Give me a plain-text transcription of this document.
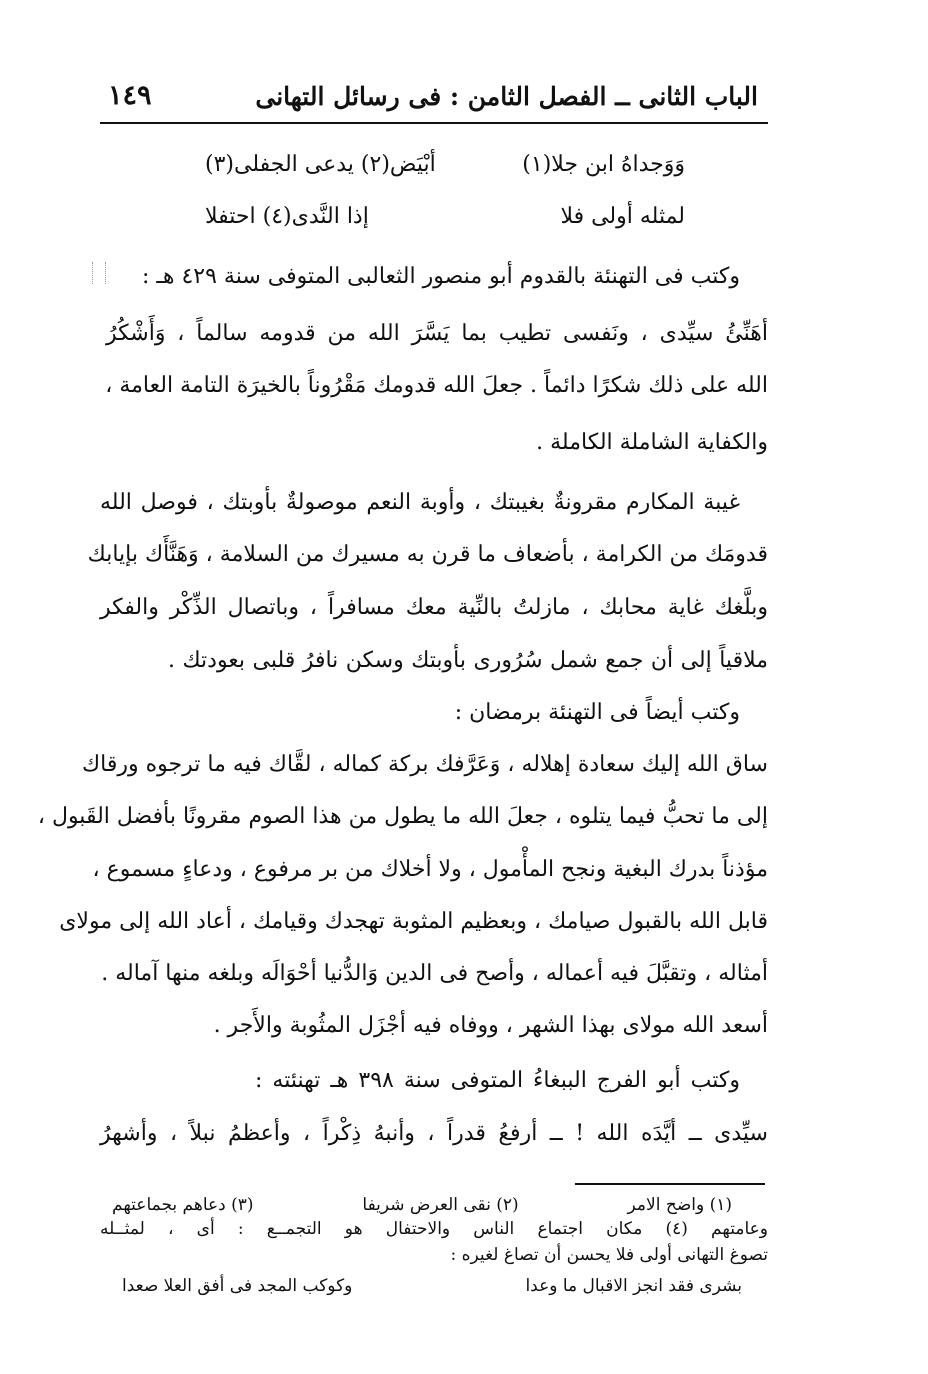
الباب الثانى ــ الفصل الثامن : فى رسائل التهانى
١٤٩
وَوَجداهُ ابن جلا(١)
أبْيَض(٢) يدعى الجفلى(٣)
لمثله أولى فلا
إذا النَّدى(٤) احتفلا
وكتب فى التهنئة بالقدوم أبو منصور الثعالبى المتوفى سنة ٤٢٩ هـ :
أهَنِّئُ سيِّدى ، ونَفسى تطيب بما يَسَّرَ الله من قدومه سالماً ، وَأَشْكُرُ
الله على ذلك شكرًا دائماً . جعلَ الله قدومك مَقْرُوناً بالخيرَة التامة العامة ،
والكفاية الشاملة الكاملة .
غيبة المكارم مقرونةٌ بغيبتك ، وأوبة النعم موصولةٌ بأوبتك ، فوصل الله
قدومَك من الكرامة ، بأضعاف ما قرن به مسيرك من السلامة ، وَهَنَّأَك بإيابك
وبلَّغك غاية محابك ، مازلتُ بالنِّية معك مسافراً ، وباتصال الذِّكْر والفكر
ملاقياً إلى أن جمع شمل سُرُورى بأوبتك وسكن نافرُ قلبى بعودتك .
وكتب أيضاً فى التهنئة برمضان :
ساق الله إليك سعادة إهلاله ، وَعَرَّفك بركة كماله ، لقَّاك فيه ما ترجوه ورقاك
إلى ما تحبُّ فيما يتلوه ، جعلَ الله ما يطول من هذا الصوم مقرونًا بأفضل القَبول ،
مؤذناً بدرك البغية ونجح المأْمول ، ولا أخلاك من بر مرفوع ، ودعاءٍ مسموع ،
قابل الله بالقبول صيامك ، وبعظيم المثوبة تهجدك وقيامك ، أعاد الله إلى مولاى
أمثاله ، وتقبَّلَ فيه أعماله ، وأصح فى الدين وَالدُّنيا أحْوَالَه وبلغه منها آماله .
أسعد الله مولاى بهذا الشهر ، ووفاه فيه أجْزَل المثُوبة والأَجر .
وكتب أبو الفرج الببغاءُ المتوفى سنة ٣٩٨ هـ تهنئته :
سيِّدى ــ أيَّدَه الله ! ــ أرفعُ قدراً ، وأنبهُ ذِكْراً ، وأعظمُ نبلاً ، وأشهرُ
(١) واضح الامر
(٢) نقى العرض شريفا
(٣) دعاهم بجماعتهم
وعامتهم (٤) مكان اجتماع الناس والاحتفال هو التجمــع : أى ، لمثــله
تصوغ التهانى أولى فلا يحسن أن تصاغ لغيره :
بشرى فقد انجز الاقبال ما وعدا
وكوكب المجد فى أفق العلا صعدا
